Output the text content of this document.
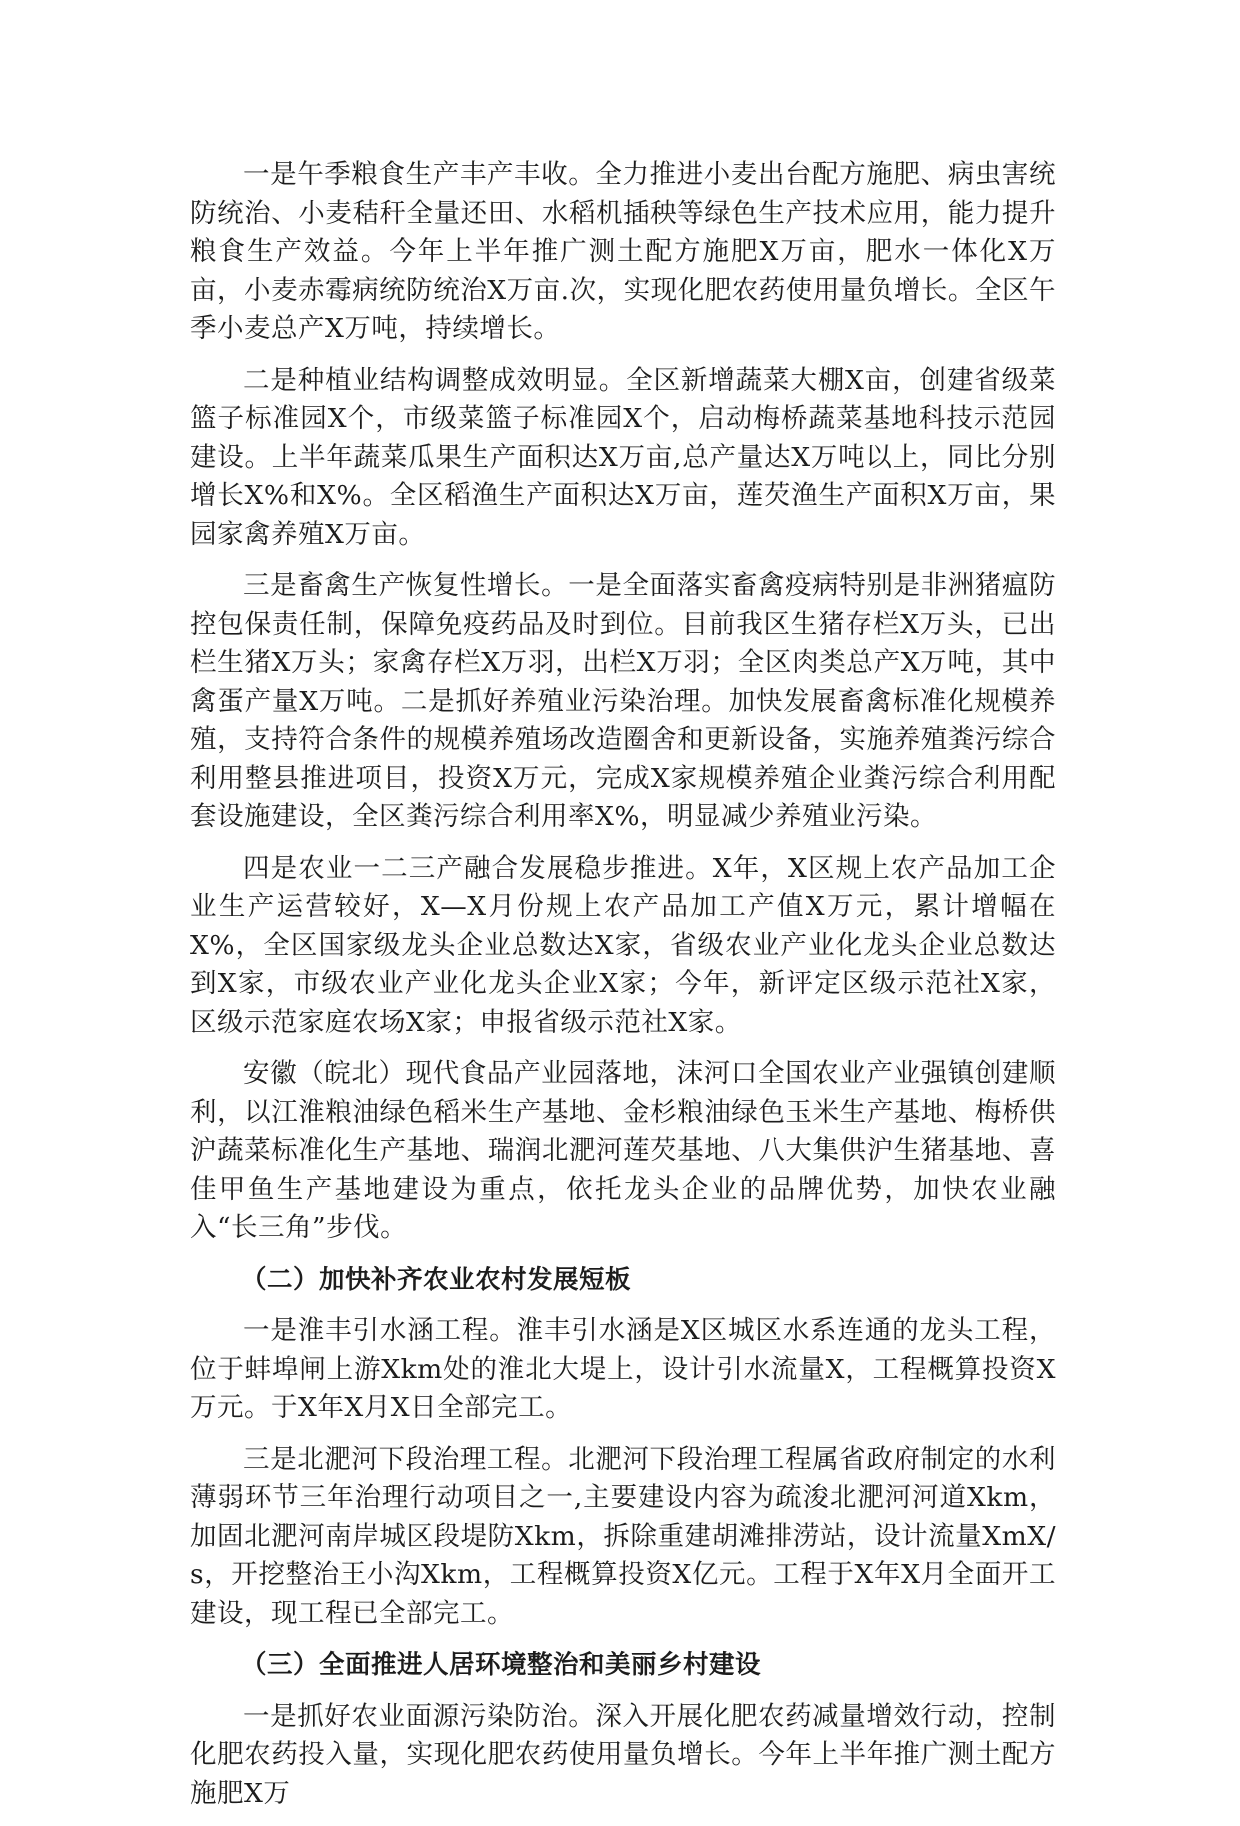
一是午季粮食生产丰产丰收。全力推进小麦出台配方施肥、病虫害统防统治、小麦秸秆全量还田、水稻机插秧等绿色生产技术应用，能力提升粮食生产效益。今年上半年推广测土配方施肥X万亩，肥水一体化X万亩，小麦赤霉病统防统治X万亩.次，实现化肥农药使用量负增长。全区午季小麦总产X万吨，持续增长。

二是种植业结构调整成效明显。全区新增蔬菜大棚X亩，创建省级菜篮子标准园X个，市级菜篮子标准园X个，启动梅桥蔬菜基地科技示范园建设。上半年蔬菜瓜果生产面积达X万亩,总产量达X万吨以上，同比分别增长X%和X%。全区稻渔生产面积达X万亩，莲芡渔生产面积X万亩，果园家禽养殖X万亩。

三是畜禽生产恢复性增长。一是全面落实畜禽疫病特别是非洲猪瘟防控包保责任制，保障免疫药品及时到位。目前我区生猪存栏X万头，已出栏生猪X万头；家禽存栏X万羽，出栏X万羽；全区肉类总产X万吨，其中禽蛋产量X万吨。二是抓好养殖业污染治理。加快发展畜禽标准化规模养殖，支持符合条件的规模养殖场改造圈舍和更新设备，实施养殖粪污综合利用整县推进项目，投资X万元，完成X家规模养殖企业粪污综合利用配套设施建设，全区粪污综合利用率X%，明显减少养殖业污染。

四是农业一二三产融合发展稳步推进。X年，X区规上农产品加工企业生产运营较好，X—X月份规上农产品加工产值X万元，累计增幅在X%，全区国家级龙头企业总数达X家，省级农业产业化龙头企业总数达到X家，市级农业产业化龙头企业X家；今年，新评定区级示范社X家，区级示范家庭农场X家；申报省级示范社X家。

安徽（皖北）现代食品产业园落地，沫河口全国农业产业强镇创建顺利，以江淮粮油绿色稻米生产基地、金杉粮油绿色玉米生产基地、梅桥供沪蔬菜标准化生产基地、瑞润北淝河莲芡基地、八大集供沪生猪基地、喜佳甲鱼生产基地建设为重点，依托龙头企业的品牌优势，加快农业融入“长三角”步伐。

（二）加快补齐农业农村发展短板

一是淮丰引水涵工程。淮丰引水涵是X区城区水系连通的龙头工程，位于蚌埠闸上游Xkm处的淮北大堤上，设计引水流量X，工程概算投资X万元。于X年X月X日全部完工。

三是北淝河下段治理工程。北淝河下段治理工程属省政府制定的水利薄弱环节三年治理行动项目之一,主要建设内容为疏浚北淝河河道Xkm，加固北淝河南岸城区段堤防Xkm，拆除重建胡滩排涝站，设计流量XmX/s，开挖整治王小沟Xkm，工程概算投资X亿元。工程于X年X月全面开工建设，现工程已全部完工。

（三）全面推进人居环境整治和美丽乡村建设

一是抓好农业面源污染防治。深入开展化肥农药减量增效行动，控制化肥农药投入量，实现化肥农药使用量负增长。今年上半年推广测土配方施肥X万
